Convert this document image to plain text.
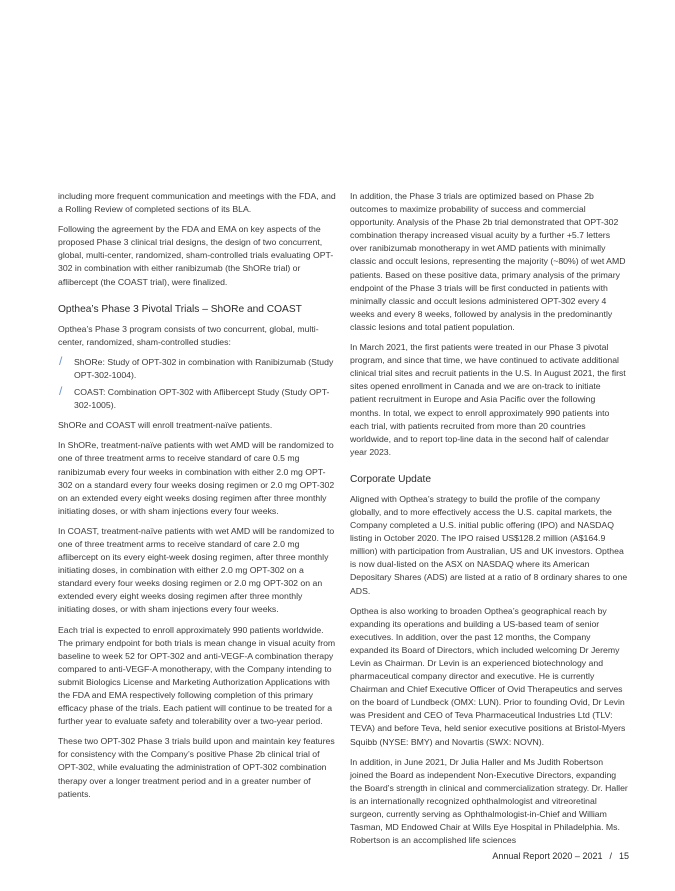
including more frequent communication and meetings with the FDA, and a Rolling Review of completed sections of its BLA.

Following the agreement by the FDA and EMA on key aspects of the proposed Phase 3 clinical trial designs, the design of two concurrent, global, multi-center, randomized, sham-controlled trials evaluating OPT-302 in combination with either ranibizumab (the ShORe trial) or aflibercept (the COAST trial), were finalized.

Opthea’s Phase 3 Pivotal Trials – ShORe and COAST

Opthea’s Phase 3 program consists of two concurrent, global, multi-center, randomized, sham-controlled studies:

/ ShORe: Study of OPT-302 in combination with Ranibizumab (Study OPT-302-1004).
/ COAST: Combination OPT-302 with Aflibercept Study (Study OPT-302-1005).

ShORe and COAST will enroll treatment-naïve patients.

In ShORe, treatment-naïve patients with wet AMD will be randomized to one of three treatment arms to receive standard of care 0.5 mg ranibizumab every four weeks in combination with either 2.0 mg OPT-302 on a standard every four weeks dosing regimen or 2.0 mg OPT-302 on an extended every eight weeks dosing regimen after three monthly initiating doses, or with sham injections every four weeks.

In COAST, treatment-naïve patients with wet AMD will be randomized to one of three treatment arms to receive standard of care 2.0 mg aflibercept on its every eight-week dosing regimen, after three monthly initiating doses, in combination with either 2.0 mg OPT-302 on a standard every four weeks dosing regimen or 2.0 mg OPT-302 on an extended every eight weeks dosing regimen after three monthly initiating doses, or with sham injections every four weeks.

Each trial is expected to enroll approximately 990 patients worldwide. The primary endpoint for both trials is mean change in visual acuity from baseline to week 52 for OPT-302 and anti-VEGF-A combination therapy compared to anti-VEGF-A monotherapy, with the Company intending to submit Biologics License and Marketing Authorization Applications with the FDA and EMA respectively following completion of this primary efficacy phase of the trials. Each patient will continue to be treated for a further year to evaluate safety and tolerability over a two-year period.

These two OPT-302 Phase 3 trials build upon and maintain key features for consistency with the Company’s positive Phase 2b clinical trial of OPT-302, while evaluating the administration of OPT-302 combination therapy over a longer treatment period and in a greater number of patients.

In addition, the Phase 3 trials are optimized based on Phase 2b outcomes to maximize probability of success and commercial opportunity. Analysis of the Phase 2b trial demonstrated that OPT-302 combination therapy increased visual acuity by a further +5.7 letters over ranibizumab monotherapy in wet AMD patients with minimally classic and occult lesions, representing the majority (~80%) of wet AMD patients. Based on these positive data, primary analysis of the primary endpoint of the Phase 3 trials will be first conducted in patients with minimally classic and occult lesions administered OPT-302 every 4 weeks and every 8 weeks, followed by analysis in the predominantly classic lesions and total patient population.

In March 2021, the first patients were treated in our Phase 3 pivotal program, and since that time, we have continued to activate additional clinical trial sites and recruit patients in the U.S. In August 2021, the first sites opened enrollment in Canada and we are on-track to initiate patient recruitment in Europe and Asia Pacific over the following months. In total, we expect to enroll approximately 990 patients into each trial, with patients recruited from more than 20 countries worldwide, and to report top-line data in the second half of calendar year 2023.

Corporate Update

Aligned with Opthea’s strategy to build the profile of the company globally, and to more effectively access the U.S. capital markets, the Company completed a U.S. initial public offering (IPO) and NASDAQ listing in October 2020. The IPO raised US$128.2 million (A$164.9 million) with participation from Australian, US and UK investors. Opthea is now dual-listed on the ASX on NASDAQ where its American Depositary Shares (ADS) are listed at a ratio of 8 ordinary shares to one ADS.

Opthea is also working to broaden Opthea’s geographical reach by expanding its operations and building a US-based team of senior executives. In addition, over the past 12 months, the Company expanded its Board of Directors, which included welcoming Dr Jeremy Levin as Chairman. Dr Levin is an experienced biotechnology and pharmaceutical company director and executive. He is currently Chairman and Chief Executive Officer of Ovid Therapeutics and serves on the board of Lundbeck (OMX: LUN). Prior to founding Ovid, Dr Levin was President and CEO of Teva Pharmaceutical Industries Ltd (TLV: TEVA) and before Teva, held senior executive positions at Bristol-Myers Squibb (NYSE: BMY) and Novartis (SWX: NOVN).

In addition, in June 2021, Dr Julia Haller and Ms Judith Robertson joined the Board as independent Non-Executive Directors, expanding the Board’s strength in clinical and commercialization strategy. Dr. Haller is an internationally recognized ophthalmologist and vitreoretinal surgeon, currently serving as Ophthalmologist-in-Chief and William Tasman, MD Endowed Chair at Wills Eye Hospital in Philadelphia. Ms. Robertson is an accomplished life sciences

Annual Report 2020 – 2021 / 15
